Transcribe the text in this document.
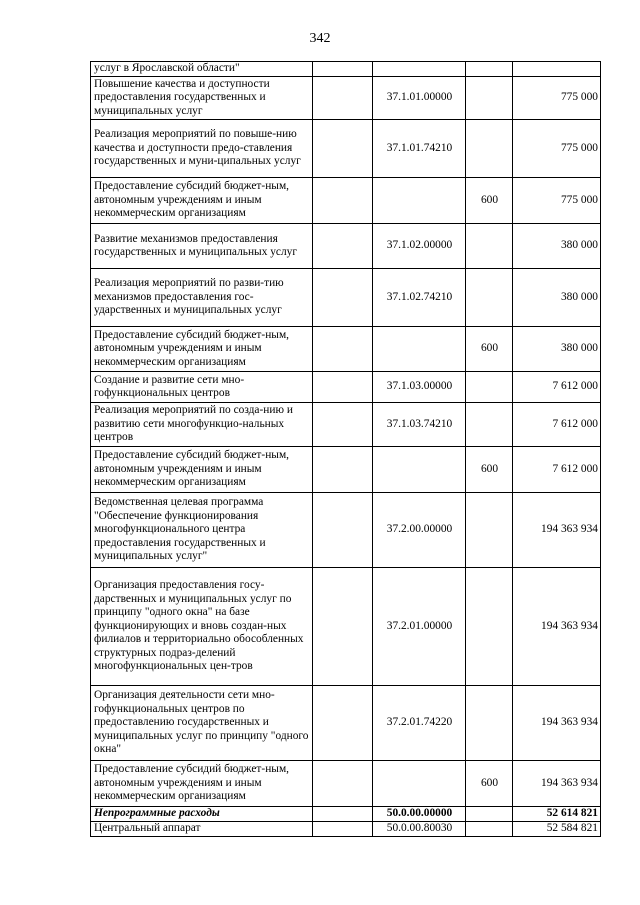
342
услуг в Ярославской области"				
Повышение качества и доступности предоставления государственных и муниципальных услуг		37.1.01.00000		775 000
Реализация мероприятий по повыше-нию качества и доступности предо-ставления государственных и муни-ципальных услуг		37.1.01.74210		775 000
Предоставление субсидий бюджет-ным, автономным учреждениям и иным некоммерческим организациям			600	775 000
Развитие механизмов предоставления государственных и муниципальных услуг		37.1.02.00000		380 000
Реализация мероприятий по разви-тию механизмов предоставления гос-ударственных и муниципальных услуг		37.1.02.74210		380 000
Предоставление субсидий бюджет-ным, автономным учреждениям и иным некоммерческим организациям			600	380 000
Создание и развитие сети мно-гофункциональных центров		37.1.03.00000		7 612 000
Реализация мероприятий по созда-нию и развитию сети многофункцио-нальных центров		37.1.03.74210		7 612 000
Предоставление субсидий бюджет-ным, автономным учреждениям и иным некоммерческим организациям			600	7 612 000
Ведомственная целевая программа "Обеспечение функционирования многофункционального центра предоставления государственных и муниципальных услуг"		37.2.00.00000		194 363 934
Организация предоставления госу-дарственных и муниципальных услуг по принципу "одного окна" на базе функционирующих и вновь создан-ных филиалов и территориально обособленных структурных подраз-делений многофункциональных цен-тров		37.2.01.00000		194 363 934
Организация деятельности сети мно-гофункциональных центров по предоставлению государственных и муниципальных услуг по принципу "одного окна"		37.2.01.74220		194 363 934
Предоставление субсидий бюджет-ным, автономным учреждениям и иным некоммерческим организациям			600	194 363 934
Непрограммные расходы		50.0.00.00000		52 614 821
Центральный аппарат		50.0.00.80030		52 584 821
